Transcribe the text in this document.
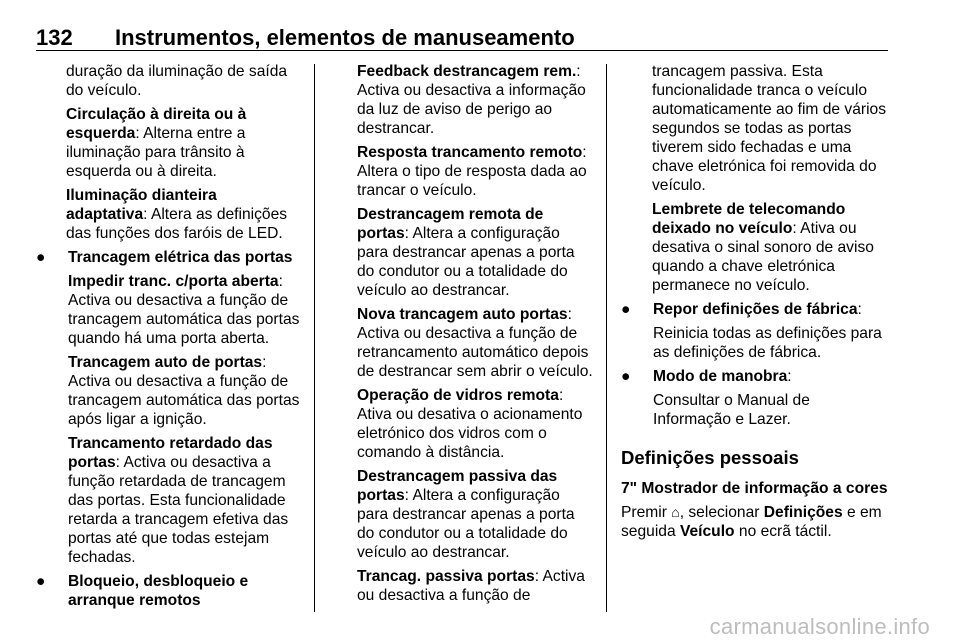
132 Instrumentos, elementos de manuseamento

duração da iluminação de saída do veículo.

Circulação à direita ou à esquerda: Alterna entre a iluminação para trânsito à esquerda ou à direita.

Iluminação dianteira adaptativa: Altera as definições das funções dos faróis de LED.

● Trancagem elétrica das portas

Impedir tranc. c/porta aberta: Activa ou desactiva a função de trancagem automática das portas quando há uma porta aberta.

Trancagem auto de portas: Activa ou desactiva a função de trancagem automática das portas após ligar a ignição.

Trancamento retardado das portas: Activa ou desactiva a função retardada de trancagem das portas. Esta funcionalidade retarda a trancagem efetiva das portas até que todas estejam fechadas.

● Bloqueio, desbloqueio e arranque remotos

Feedback destrancagem rem.: Activa ou desactiva a informação da luz de aviso de perigo ao destrancar.

Resposta trancamento remoto: Altera o tipo de resposta dada ao trancar o veículo.

Destrancagem remota de portas: Altera a configuração para destrancar apenas a porta do condutor ou a totalidade do veículo ao destrancar.

Nova trancagem auto portas: Activa ou desactiva a função de retrancamento automático depois de destrancar sem abrir o veículo.

Operação de vidros remota: Ativa ou desativa o acionamento eletrónico dos vidros com o comando à distância.

Destrancagem passiva das portas: Altera a configuração para destrancar apenas a porta do condutor ou a totalidade do veículo ao destrancar.

Trancag. passiva portas: Activa ou desactiva a função de

trancagem passiva. Esta funcionalidade tranca o veículo automaticamente ao fim de vários segundos se todas as portas tiverem sido fechadas e uma chave eletrónica foi removida do veículo.

Lembrete de telecomando deixado no veículo: Ativa ou desativa o sinal sonoro de aviso quando a chave eletrónica permanece no veículo.

● Repor definições de fábrica:

Reinicia todas as definições para as definições de fábrica.

● Modo de manobra:

Consultar o Manual de Informação e Lazer.

Definições pessoais

7" Mostrador de informação a cores

Premir ⌂, selecionar Definições e em seguida Veículo no ecrã táctil.

carmanualsonline.info
